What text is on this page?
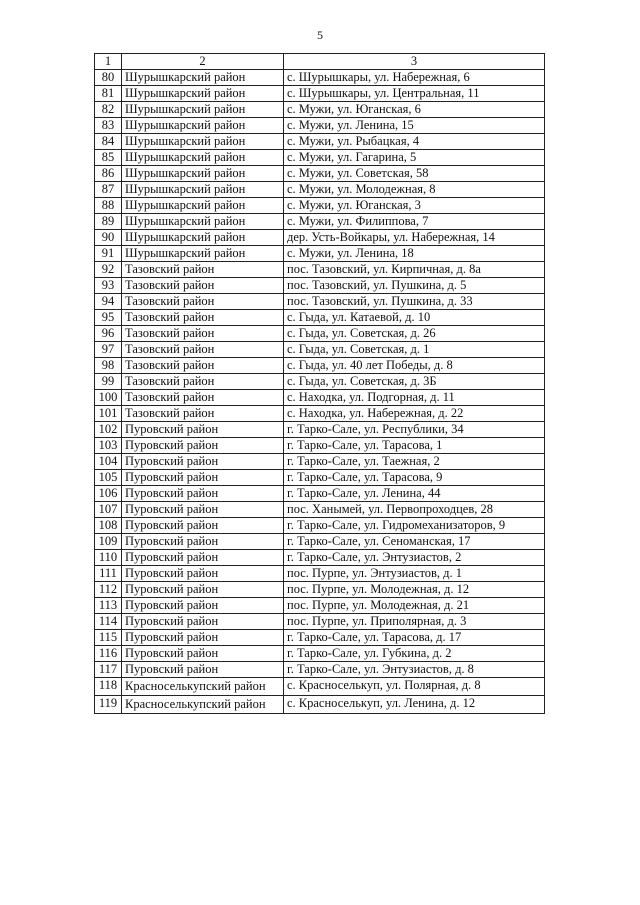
5
1	2	3
80	Шурышкарский район	с. Шурышкары, ул. Набережная, 6
81	Шурышкарский район	с. Шурышкары, ул. Центральная, 11
82	Шурышкарский район	с. Мужи, ул. Юганская, 6
83	Шурышкарский район	с. Мужи, ул. Ленина, 15
84	Шурышкарский район	с. Мужи, ул. Рыбацкая, 4
85	Шурышкарский район	с. Мужи, ул. Гагарина, 5
86	Шурышкарский район	с. Мужи, ул. Советская, 58
87	Шурышкарский район	с. Мужи, ул. Молодежная, 8
88	Шурышкарский район	с. Мужи, ул. Юганская, 3
89	Шурышкарский район	с. Мужи, ул. Филиппова, 7
90	Шурышкарский район	дер. Усть-Войкары, ул. Набережная, 14
91	Шурышкарский район	с. Мужи, ул. Ленина, 18
92	Тазовский район	пос. Тазовский, ул. Кирпичная, д. 8а
93	Тазовский район	пос. Тазовский, ул. Пушкина, д. 5
94	Тазовский район	пос. Тазовский, ул. Пушкина, д. 33
95	Тазовский район	с. Гыда, ул. Катаевой, д. 10
96	Тазовский район	с. Гыда, ул. Советская, д. 26
97	Тазовский район	с. Гыда, ул. Советская, д. 1
98	Тазовский район	с. Гыда, ул. 40 лет Победы, д. 8
99	Тазовский район	с. Гыда, ул. Советская, д. 3Б
100	Тазовский район	с. Находка, ул. Подгорная, д. 11
101	Тазовский район	с. Находка, ул. Набережная, д. 22
102	Пуровский район	г. Тарко-Сале, ул. Республики, 34
103	Пуровский район	г. Тарко-Сале, ул. Тарасова, 1
104	Пуровский район	г. Тарко-Сале, ул. Таежная, 2
105	Пуровский район	г. Тарко-Сале, ул. Тарасова, 9
106	Пуровский район	г. Тарко-Сале, ул. Ленина, 44
107	Пуровский район	пос. Ханымей, ул. Первопроходцев, 28
108	Пуровский район	г. Тарко-Сале, ул. Гидромеханизаторов, 9
109	Пуровский район	г. Тарко-Сале, ул. Сеноманская, 17
110	Пуровский район	г. Тарко-Сале, ул. Энтузиастов, 2
111	Пуровский район	пос. Пурпе, ул. Энтузиастов, д. 1
112	Пуровский район	пос. Пурпе, ул. Молодежная, д. 12
113	Пуровский район	пос. Пурпе, ул. Молодежная, д. 21
114	Пуровский район	пос. Пурпе, ул. Приполярная, д. 3
115	Пуровский район	г. Тарко-Сале, ул. Тарасова, д. 17
116	Пуровский район	г. Тарко-Сале, ул. Губкина, д. 2
117	Пуровский район	г. Тарко-Сале, ул. Энтузиастов, д. 8
118	Красноселькупский район	с. Красноселькуп, ул. Полярная, д. 8
119	Красноселькупский район	с. Красноселькуп, ул. Ленина, д. 12
